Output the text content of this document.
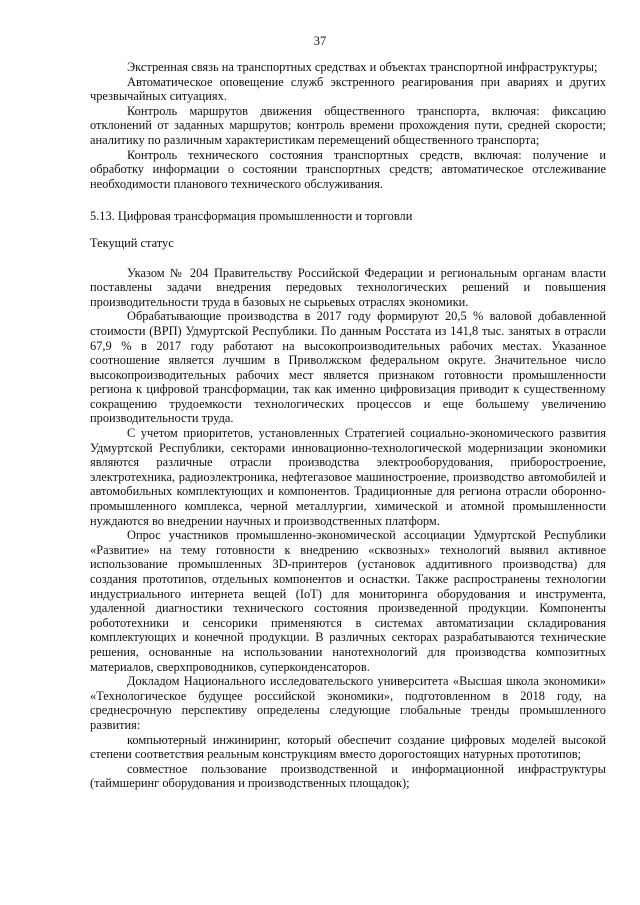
37

Экстренная связь на транспортных средствах и объектах транспортной инфраструктуры;

Автоматическое оповещение служб экстренного реагирования при авариях и других чрезвычайных ситуациях.

Контроль маршрутов движения общественного транспорта, включая: фиксацию отклонений от заданных маршрутов; контроль времени прохождения пути, средней скорости; аналитику по различным характеристикам перемещений общественного транспорта;

Контроль технического состояния транспортных средств, включая: получение и обработку информации о состоянии транспортных средств; автоматическое отслеживание необходимости планового технического обслуживания.

5.13. Цифровая трансформация промышленности и торговли

Текущий статус

Указом № 204 Правительству Российской Федерации и региональным органам власти поставлены задачи внедрения передовых технологических решений и повышения производительности труда в базовых не сырьевых отраслях экономики.

Обрабатывающие производства в 2017 году формируют 20,5 % валовой добавленной стоимости (ВРП) Удмуртской Республики. По данным Росстата из 141,8 тыс. занятых в отрасли 67,9 % в 2017 году работают на высокопроизводительных рабочих местах. Указанное соотношение является лучшим в Приволжском федеральном округе. Значительное число высокопроизводительных рабочих мест является признаком готовности промышленности региона к цифровой трансформации, так как именно цифровизация приводит к существенному сокращению трудоемкости технологических процессов и еще большему увеличению производительности труда.

С учетом приоритетов, установленных Стратегией социально-экономического развития Удмуртской Республики, секторами инновационно-технологической модернизации экономики являются различные отрасли производства электрооборудования, приборостроение, электротехника, радиоэлектроника, нефтегазовое машиностроение, производство автомобилей и автомобильных комплектующих и компонентов. Традиционные для региона отрасли оборонно-промышленного комплекса, черной металлургии, химической и атомной промышленности нуждаются во внедрении научных и производственных платформ.

Опрос участников промышленно-экономической ассоциации Удмуртской Республики «Развитие» на тему готовности к внедрению «сквозных» технологий выявил активное использование промышленных 3D-принтеров (установок аддитивного производства) для создания прототипов, отдельных компонентов и оснастки. Также распространены технологии индустриального интернета вещей (IoT) для мониторинга оборудования и инструмента, удаленной диагностики технического состояния произведенной продукции. Компоненты робототехники и сенсорики применяются в системах автоматизации складирования комплектующих и конечной продукции. В различных секторах разрабатываются технические решения, основанные на использовании нанотехнологий для производства композитных материалов, сверхпроводников, суперконденсаторов.

Докладом Национального исследовательского университета «Высшая школа экономики» «Технологическое будущее российской экономики», подготовленном в 2018 году, на среднесрочную перспективу определены следующие глобальные тренды промышленного развития:

компьютерный инжиниринг, который обеспечит создание цифровых моделей высокой степени соответствия реальным конструкциям вместо дорогостоящих натурных прототипов;

совместное пользование производственной и информационной инфраструктуры (таймшеринг оборудования и производственных площадок);
